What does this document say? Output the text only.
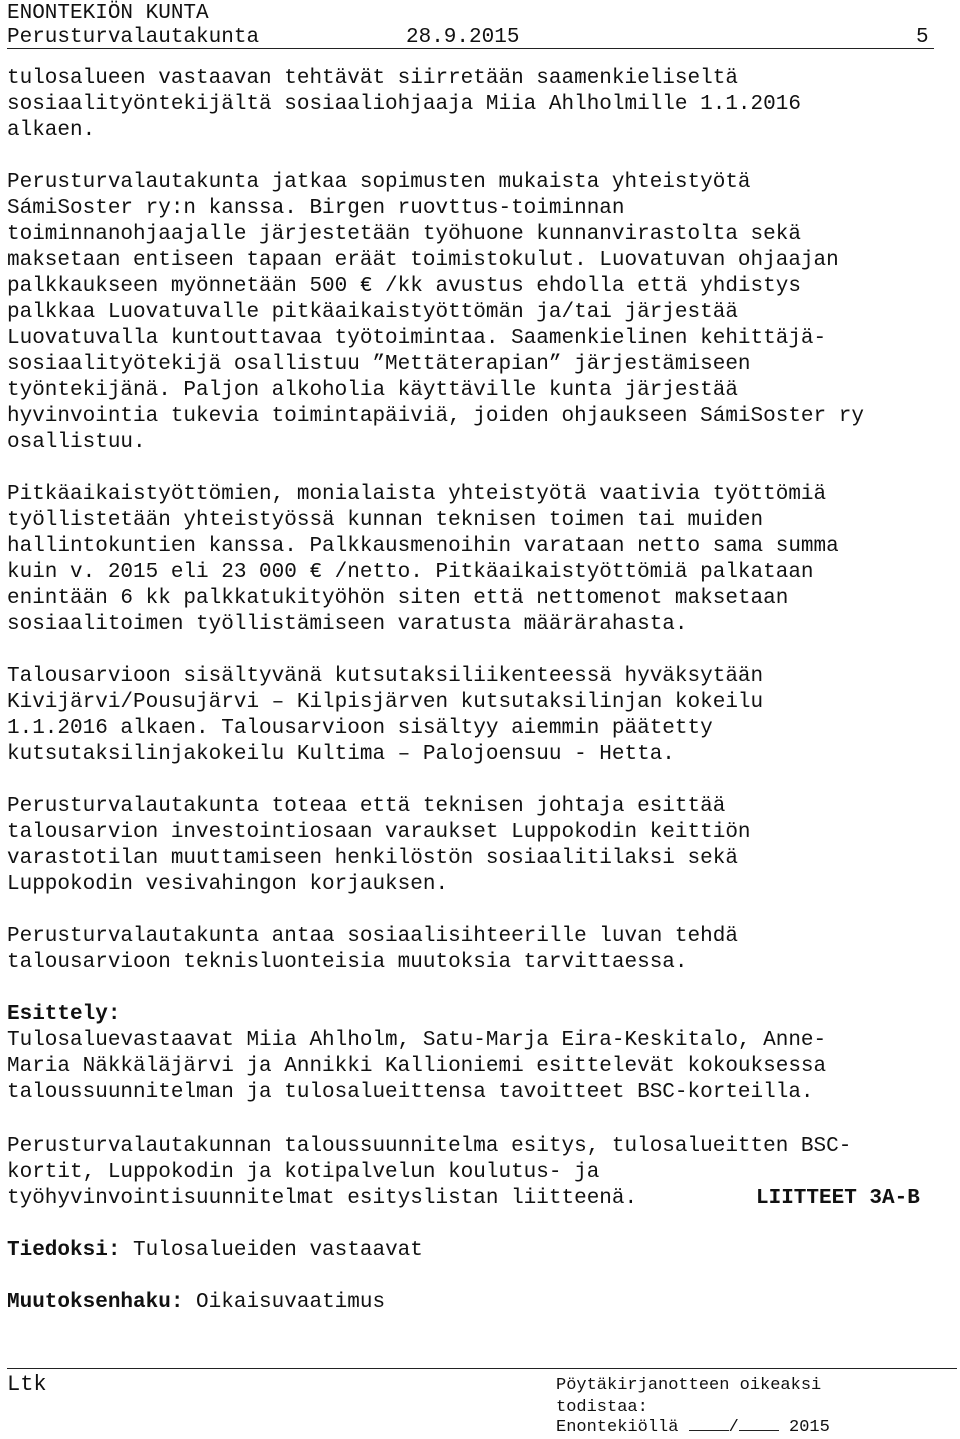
ENONTEKIÖN KUNTA
Perusturvalautakunta	28.9.2015	5
tulosalueen vastaavan tehtävät siirretään saamenkieliseltä
sosiaalityöntekijältä sosiaaliohjaaja Miia Ahlholmille 1.1.2016
alkaen.
Perusturvalautakunta jatkaa sopimusten mukaista yhteistyötä
SámiSoster ry:n kanssa. Birgen ruovttus-toiminnan
toiminnanohjaajalle järjestetään työhuone kunnanvirastolta sekä
maksetaan entiseen tapaan eräät toimistokulut. Luovatuvan ohjaajan
palkkaukseen myönnetään 500 € /kk avustus ehdolla että yhdistys
palkkaa Luovatuvalle pitkäaikaistyöttömän ja/tai järjestää
Luovatuvalla kuntouttavaa työtoimintaa. Saamenkielinen kehittäjä-
sosiaalityötekijä osallistuu ”Mettäterapian” järjestämiseen
työntekijänä. Paljon alkoholia käyttäville kunta järjestää
hyvinvointia tukevia toimintapäiviä, joiden ohjaukseen SámiSoster ry
osallistuu.
Pitkäaikaistyöttömien, monialaista yhteistyötä vaativia työttömiä
työllistetään yhteistyössä kunnan teknisen toimen tai muiden
hallintokuntien kanssa. Palkkausmenoihin varataan netto sama summa
kuin v. 2015 eli 23 000 € /netto. Pitkäaikaistyöttömiä palkataan
enintään 6 kk palkkatukityöhön siten että nettomenot maksetaan
sosiaalitoimen työllistämiseen varatusta määrärahasta.
Talousarvioon sisältyvänä kutsutaksiliikenteessä hyväksytään
Kivijärvi/Pousujärvi – Kilpisjärven kutsutaksilinjan kokeilu
1.1.2016 alkaen. Talousarvioon sisältyy aiemmin päätetty
kutsutaksilinjakokeilu Kultima – Palojoensuu - Hetta.
Perusturvalautakunta toteaa että teknisen johtaja esittää
talousarvion investointiosaan varaukset Luppokodin keittiön
varastotilan muuttamiseen henkilöstön sosiaalitilaksi sekä
Luppokodin vesivahingon korjauksen.
Perusturvalautakunta antaa sosiaalisihteerille luvan tehdä
talousarvioon teknisluonteisia muutoksia tarvittaessa.
Esittely:
Tulosaluevastaavat Miia Ahlholm, Satu-Marja Eira-Keskitalo, Anne-
Maria Näkkäläjärvi ja Annikki Kallioniemi esittelevät kokouksessa
taloussuunnitelman ja tulosalueittensa tavoitteet BSC-korteilla.
Perusturvalautakunnan taloussuunnitelma esitys, tulosalueitten BSC-
kortit, Luppokodin ja kotipalvelun koulutus- ja
työhyvinvointisuunnitelmat esityslistan liitteenä.	LIITTEET 3A-B
Tiedoksi: Tulosalueiden vastaavat
Muutoksenhaku: Oikaisuvaatimus
Ltk	Pöytäkirjanotteen oikeaksi
todistaa:
Enontekiöllä	/	2015
